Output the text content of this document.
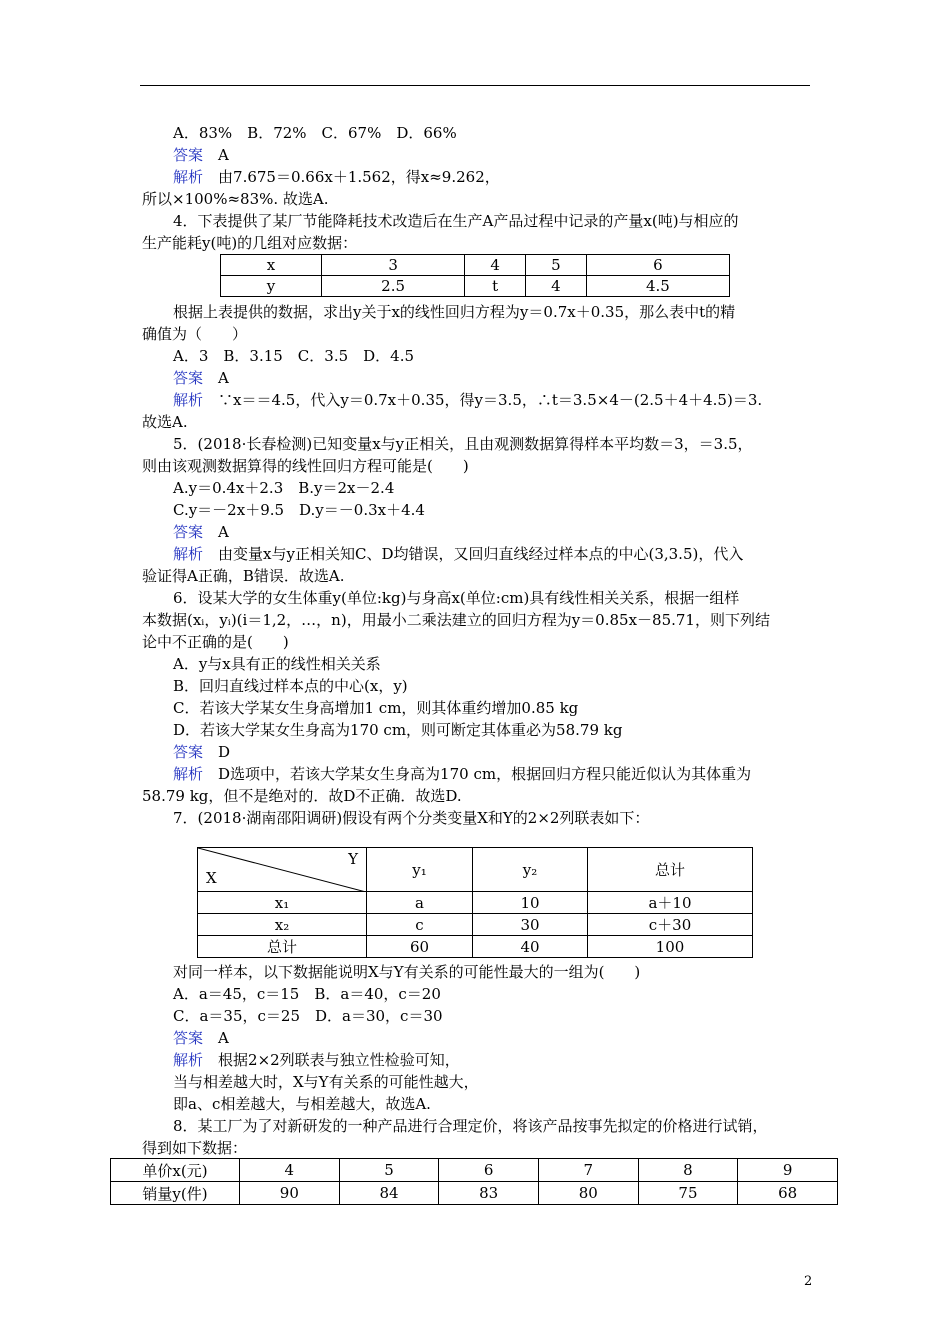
A．83%　B．72%　C．67%　D．66%
答案　 A
解析　 由7.675＝0.66x＋1.562，得x≈9.262，
所以×100%≈83%. 故选A.
4．下表提供了某厂节能降耗技术改造后在生产A产品过程中记录的产量x(吨)与相应的
生产能耗y(吨)的几组对应数据：
x	3	4	5	6
y	2.5	t	4	4.5
根据上表提供的数据，求出y关于x的线性回归方程为y＝0.7x＋0.35，那么表中t的精
确值为（　　）
A．3　B．3.15　C．3.5　D．4.5
答案　 A
解析　 ∵x＝＝4.5，代入y＝0.7x＋0.35，得y＝3.5，∴t＝3.5×4－(2.5＋4＋4.5)＝3.
故选A.
5．(2018·长春检测)已知变量x与y正相关，且由观测数据算得样本平均数＝3，＝3.5，
则由该观测数据算得的线性回归方程可能是(　　)
A.y＝0.4x＋2.3　B.y＝2x－2.4
C.y＝－2x＋9.5　D.y＝－0.3x＋4.4
答案　 A
解析　 由变量x与y正相关知C、D均错误，又回归直线经过样本点的中心(3,3.5)，代入
验证得A正确，B错误．故选A.
6．设某大学的女生体重y(单位:kg)与身高x(单位:cm)具有线性相关关系，根据一组样
本数据(xᵢ，yᵢ)(i＝1,2，…，n)，用最小二乘法建立的回归方程为y＝0.85x－85.71，则下列结
论中不正确的是(　　)
A．y与x具有正的线性相关关系
B．回归直线过样本点的中心(x，y)
C．若该大学某女生身高增加1 cm，则其体重约增加0.85 kg
D．若该大学某女生身高为170 cm，则可断定其体重必为58.79 kg
答案　 D
解析　 D选项中，若该大学某女生身高为170 cm，根据回归方程只能近似认为其体重为
58.79 kg，但不是绝对的．故D不正确．故选D.
7．(2018·湖南邵阳调研)假设有两个分类变量X和Y的2×2列联表如下：
Y
X	y₁	y₂	总计
x₁	a	10	a＋10
x₂	c	30	c＋30
总计	60	40	100
对同一样本，以下数据能说明X与Y有关系的可能性最大的一组为(　　)
A．a＝45，c＝15　B．a＝40，c＝20
C．a＝35，c＝25　D．a＝30，c＝30
答案　 A
解析　 根据2×2列联表与独立性检验可知，
当与相差越大时，X与Y有关系的可能性越大，
即a、c相差越大，与相差越大，故选A.
8．某工厂为了对新研发的一种产品进行合理定价，将该产品按事先拟定的价格进行试销，
得到如下数据：
单价x(元)	4	5	6	7	8	9
销量y(件)	90	84	83	80	75	68
2
